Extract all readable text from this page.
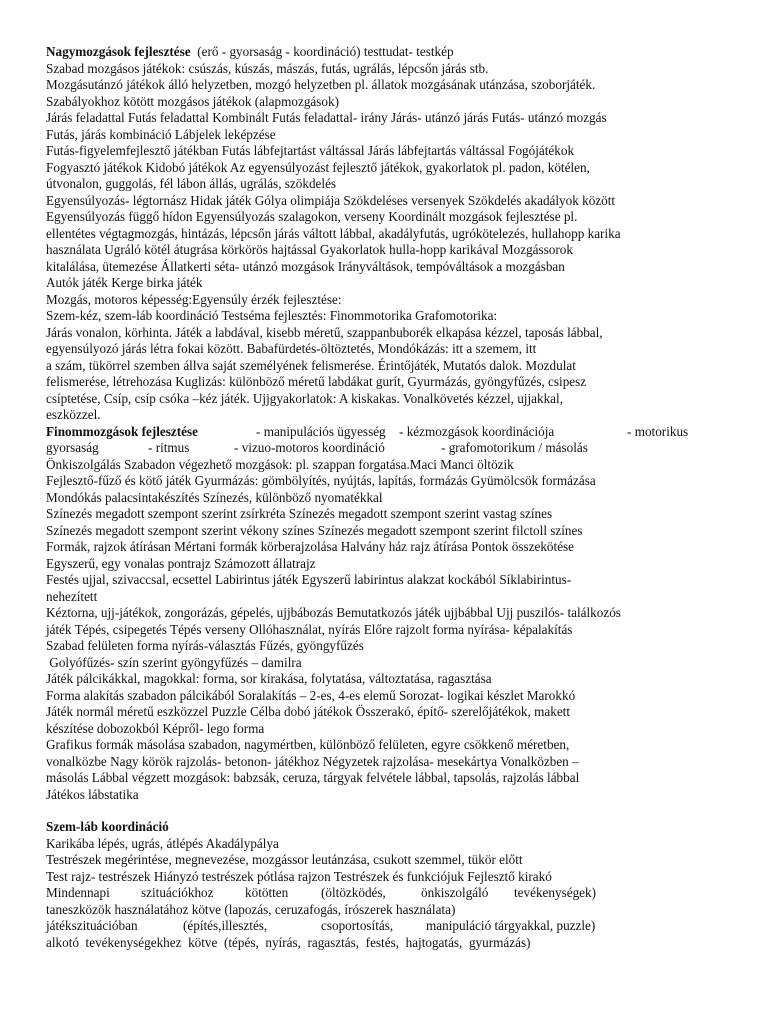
Nagymozgások fejlesztése  (erő - gyorsaság - koordináció) testtudat- testkép
Szabad mozgásos játékok: csúszás, kúszás, mászás, futás, ugrálás, lépcsőn járás stb.
Mozgásutánzó játékok álló helyzetben, mozgó helyzetben pl. állatok mozgásának utánzása, szoborjáték.
Szabályokhoz kötött mozgásos játékok (alapmozgások)
Járás feladattal Futás feladattal Kombinált Futás feladattal- irány Járás- utánzó járás Futás- utánzó mozgás
Futás, járás kombináció Lábjelek leképzése
Futás-figyelemfejlesztő játékban Futás lábfejtartást váltással Járás lábfejtartás váltással Fogójátékok
Fogyasztó játékok Kidobó játékok Az egyensúlyozást fejlesztő játékok, gyakorlatok pl. padon, kötélen,
útvonalon, guggolás, fél lábon állás, ugrálás, szökdelés
Egyensúlyozás- légtornász Hidak játék Gólya olimpiája Szökdeléses versenyek Szökdelés akadályok között
Egyensúlyozás függő hídon Egyensúlyozás szalagokon, verseny Koordinált mozgások fejlesztése pl.
ellentétes végtagmozgás, hintázás, lépcsőn járás váltott lábbal, akadályfutás, ugrókötelezés, hullahopp karika
használata Ugráló kötél átugrása körkörös hajtással Gyakorlatok hulla-hopp karikával Mozgássorok
kitalálása, ütemezése Állatkerti séta- utánzó mozgások Irányváltások, tempóváltások a mozgásban
Autók játék Kerge birka játék
Mozgás, motoros képesség:Egyensúly érzék fejlesztése:
Szem-kéz, szem-láb koordináció Testséma fejlesztés: Finommotorika Grafomotorika:
Járás vonalon, körhinta. Játék a labdával, kisebb méretű, szappanbuborék elkapása kézzel, taposás lábbal,
egyensúlyozó járás létra fokai között. Babafürdetés-öltöztetés, Mondókázás: itt a szemem, itt
a szám, tükörrel szemben állva saját személyének felismerése. Érintőjáték, Mutatós dalok. Mozdulat
felismerése, létrehozása Kuglizás: különböző méretű labdákat gurít, Gyurmázás, gyöngyfűzés, csipesz
csíptetése, Csíp, csíp csóka –kéz játék. Ujjgyakorlatok: A kiskakas. Vonalkövetés kézzel, ujjakkal,
eszközzel.
Finommozgások fejlesztése	- manipulációs ügyesség - kézmozgások koordinációja	- motorikus
gyorsaság	- ritmus	- vizuo-motoros koordináció	- grafomotorikum / másolás
Önkiszolgálás Szabadon végezhető mozgások: pl. szappan forgatása.Maci Manci öltözik
Fejlesztő-fűző és kötő játék Gyurmázás: gömbölyítés, nyújtás, lapítás, formázás Gyümölcsök formázása
Mondókás palacsintakészítés Színezés, különböző nyomatékkal
Színezés megadott szempont szerint zsírkréta Színezés megadott szempont szerint vastag színes
Színezés megadott szempont szerint vékony színes Színezés megadott szempont szerint filctoll színes
Formák, rajzok átírásan Mértani formák körberajzolása Halvány ház rajz átírása Pontok összekötése
Egyszerű, egy vonalas pontrajz Számozott állatrajz
Festés ujjal, szivaccsal, ecsettel Labirintus játék Egyszerű labirintus alakzat kockából Síklabirintus-
nehezített
Kéztorna, ujj-játékok, zongorázás, gépelés, ujjbábozás Bemutatkozós játék ujjbábbal Ujj puszilós- találkozós
játék Tépés, csipegetés Tépés verseny Ollóhasználat, nyírás Előre rajzolt forma nyírása- képalakítás
Szabad felületen forma nyírás-választás Fűzés, gyöngyfűzés
Golyófűzés- szín szerint gyöngyfűzés – damilra
Játék pálcikákkal, magokkal: forma, sor kirakása, folytatása, változtatása, ragasztása
Forma alakítás szabadon pálcikából Soralakítás – 2-es, 4-es elemű Sorozat- logikai készlet Marokkó
Játék normál méretű eszközzel Puzzle Célba dobó játékok Összerakó, építő- szerelőjátékok, makett
készítése dobozokból Képről- lego forma
Grafikus formák másolása szabadon, nagymértben, különböző felületen, egyre csökkenő méretben,
vonalközbe Nagy körök rajzolás- betonon- játékhoz Négyzetek rajzolása- mesekártya Vonalközben –
másolás Lábbal végzett mozgások: babzsák, ceruza, tárgyak felvétele lábbal, tapsolás, rajzolás lábbal
Játékos lábstatika
Szem-láb koordináció
Karikába lépés, ugrás, átlépés Akadálypálya
Testrészek megérintése, megnevezése, mozgássor leutánzása, csukott szemmel, tükör előtt
Test rajz- testrészek Hiányzó testrészek pótlása rajzon Testrészek és funkciójuk Fejlesztő kirakó
Mindennapi szituációkhoz kötötten (öltözködés,	önkiszolgáló tevékenységek)
taneszközök használatához kötve (lapozás, ceruzafogás, írószerek használata)
játékszituációban	(építés,illesztés,	csoportosítás, manipuláció tárgyakkal, puzzle)
alkotó  tevékenységekhez  kötve  (tépés,  nyírás,  ragasztás,  festés,  hajtogatás,  gyurmázás)
